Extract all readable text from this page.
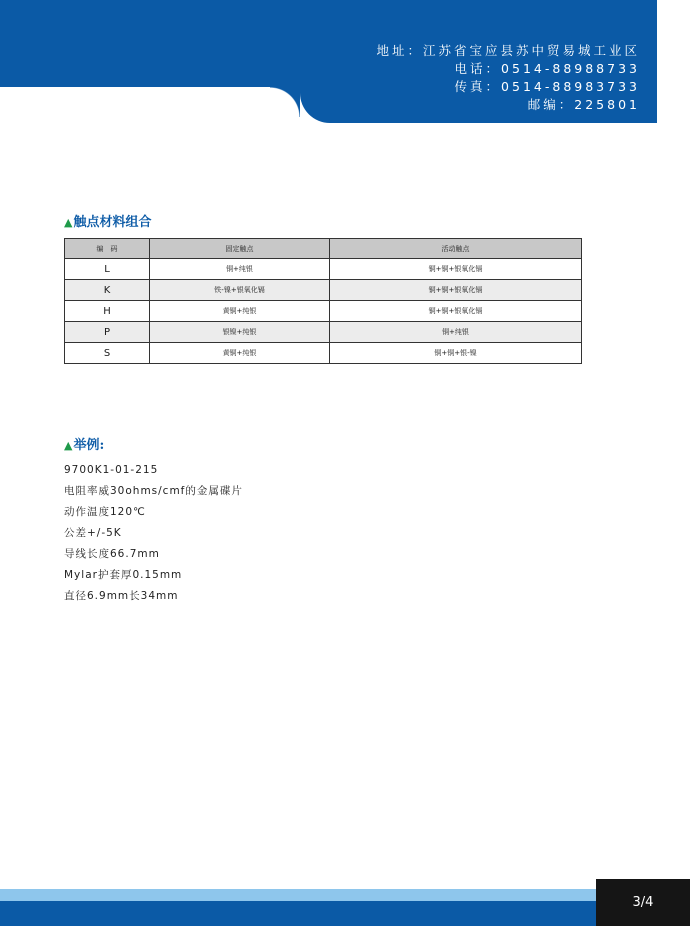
地址：江苏省宝应县苏中贸易城工业区
电话：0514-88988733
传真：0514-88983733
邮编：225801
▲触点材料组合
编　码	固定触点	活动触点
L	铜+纯银	铜+铜+银氧化镉
K	铁-镍+银氧化镉	铜+铜+银氧化镉
H	黄铜+纯银	铜+铜+银氧化镉
P	银镍+纯银	铜+纯银
S	黄铜+纯银	铜+铜+银-镍
▲举例:
9700K1-01-215
电阻率威30ohms/cmf的金属碟片
动作温度120℃
公差+/-5K
导线长度66.7mm
Mylar护套厚0.15mm
直径6.9mm长34mm
3/4
